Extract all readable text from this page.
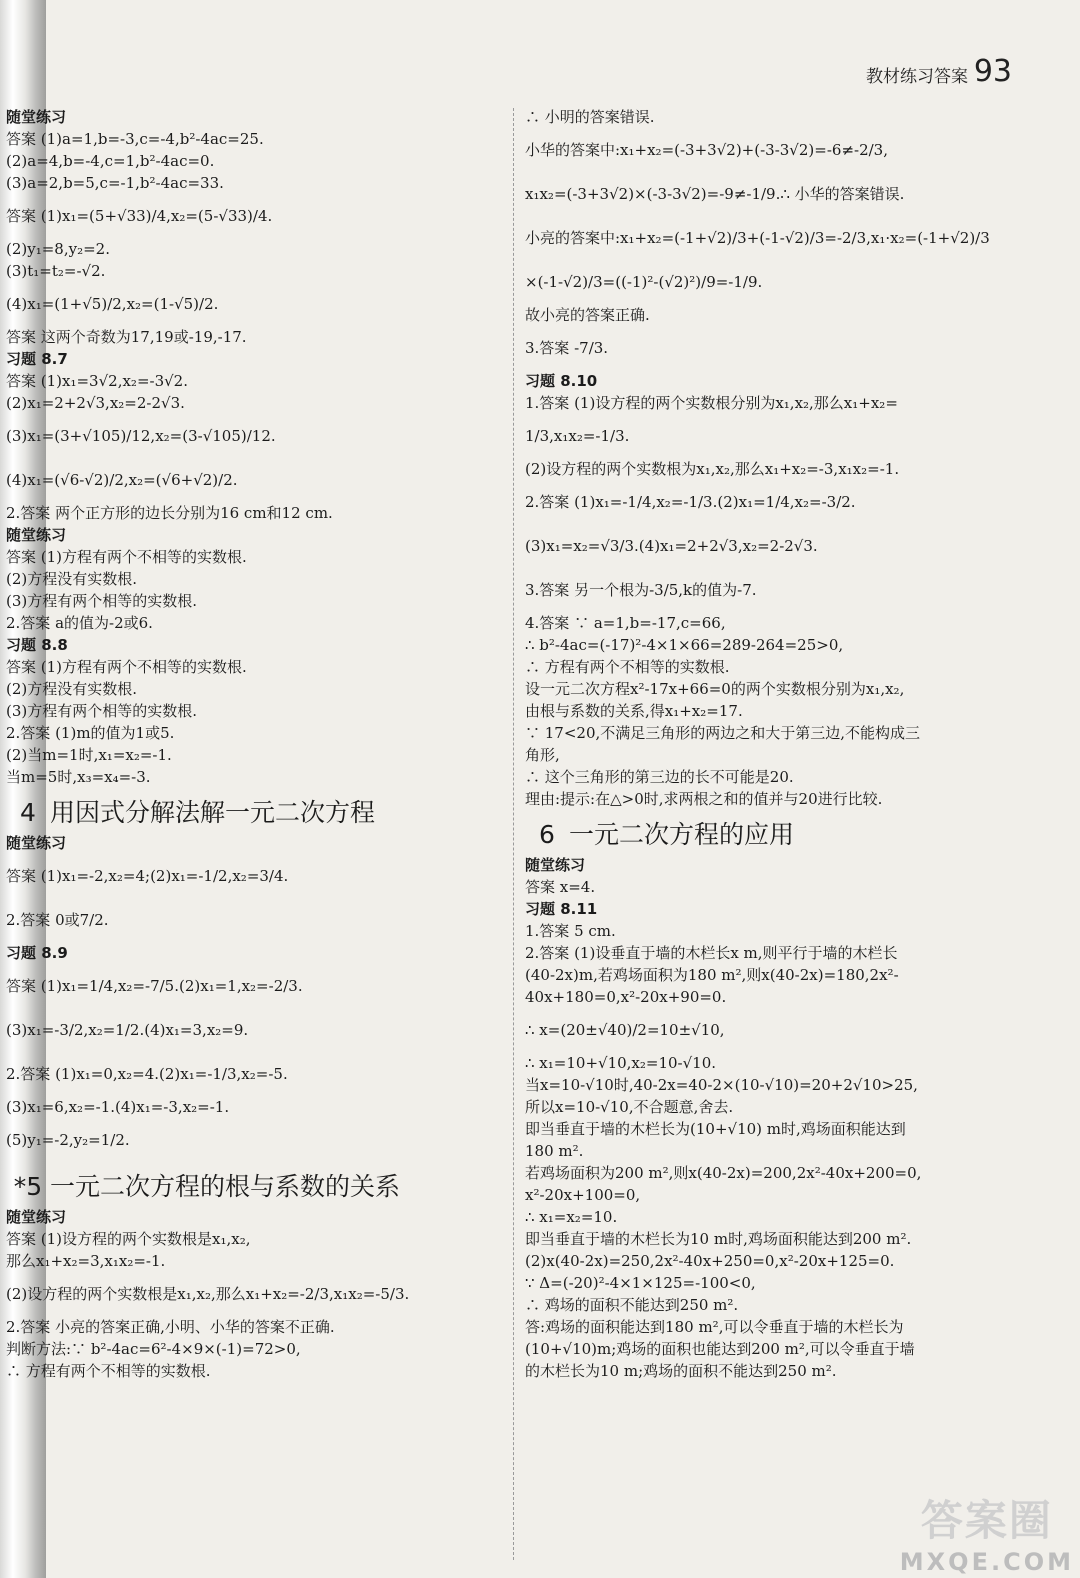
教材练习答案 93
随堂练习
答案 (1)a=1,b=-3,c=-4,b²-4ac=25.
(2)a=4,b=-4,c=1,b²-4ac=0.
(3)a=2,b=5,c=-1,b²-4ac=33.
答案 (1)x₁=(5+√33)/4,x₂=(5-√33)/4.
(2)y₁=8,y₂=2.
(3)t₁=t₂=-√2.
(4)x₁=(1+√5)/2,x₂=(1-√5)/2.
答案 这两个奇数为17,19或-19,-17.
习题 8.7
答案 (1)x₁=3√2,x₂=-3√2.
(2)x₁=2+2√3,x₂=2-2√3.
(3)x₁=(3+√105)/12,x₂=(3-√105)/12.
(4)x₁=(√6-√2)/2,x₂=(√6+√2)/2.
2.答案 两个正方形的边长分别为16 cm和12 cm.
随堂练习
答案 (1)方程有两个不相等的实数根.
(2)方程没有实数根.
(3)方程有两个相等的实数根.
2.答案 a的值为-2或6.
习题 8.8
答案 (1)方程有两个不相等的实数根.
(2)方程没有实数根.
(3)方程有两个相等的实数根.
2.答案 (1)m的值为1或5.
(2)当m=1时,x₁=x₂=-1.
当m=5时,x₃=x₄=-3.
4 用因式分解法解一元二次方程
随堂练习
答案 (1)x₁=-2,x₂=4;(2)x₁=-1/2,x₂=3/4.
2.答案 0或7/2.
习题 8.9
答案 (1)x₁=1/4,x₂=-7/5.(2)x₁=1,x₂=-2/3.
(3)x₁=-3/2,x₂=1/2.(4)x₁=3,x₂=9.
2.答案 (1)x₁=0,x₂=4.(2)x₁=-1/3,x₂=-5.
(3)x₁=6,x₂=-1.(4)x₁=-3,x₂=-1.
(5)y₁=-2,y₂=1/2.
*5 一元二次方程的根与系数的关系
随堂练习
答案 (1)设方程的两个实数根是x₁,x₂,
那么x₁+x₂=3,x₁x₂=-1.
(2)设方程的两个实数根是x₁,x₂,那么x₁+x₂=-2/3,x₁x₂=-5/3.
2.答案 小亮的答案正确,小明、小华的答案不正确.
判断方法:∵ b²-4ac=6²-4×9×(-1)=72>0,
∴ 方程有两个不相等的实数根.
∴ 小明的答案错误.
小华的答案中:x₁+x₂=(-3+3√2)+(-3-3√2)=-6≠-2/3,
x₁x₂=(-3+3√2)×(-3-3√2)=-9≠-1/9.∴ 小华的答案错误.
小亮的答案中:x₁+x₂=(-1+√2)/3+(-1-√2)/3=-2/3,x₁·x₂=(-1+√2)/3
×(-1-√2)/3=((-1)²-(√2)²)/9=-1/9.
故小亮的答案正确.
3.答案 -7/3.
习题 8.10
1.答案 (1)设方程的两个实数根分别为x₁,x₂,那么x₁+x₂=
1/3,x₁x₂=-1/3.
(2)设方程的两个实数根为x₁,x₂,那么x₁+x₂=-3,x₁x₂=-1.
2.答案 (1)x₁=-1/4,x₂=-1/3.(2)x₁=1/4,x₂=-3/2.
(3)x₁=x₂=√3/3.(4)x₁=2+2√3,x₂=2-2√3.
3.答案 另一个根为-3/5,k的值为-7.
4.答案 ∵ a=1,b=-17,c=66,
∴ b²-4ac=(-17)²-4×1×66=289-264=25>0,
∴ 方程有两个不相等的实数根.
设一元二次方程x²-17x+66=0的两个实数根分别为x₁,x₂,
由根与系数的关系,得x₁+x₂=17.
∵ 17<20,不满足三角形的两边之和大于第三边,不能构成三
角形,
∴ 这个三角形的第三边的长不可能是20.
理由:提示:在△>0时,求两根之和的值并与20进行比较.
6 一元二次方程的应用
随堂练习
答案 x=4.
习题 8.11
1.答案 5 cm.
2.答案 (1)设垂直于墙的木栏长x m,则平行于墙的木栏长
(40-2x)m,若鸡场面积为180 m²,则x(40-2x)=180,2x²-
40x+180=0,x²-20x+90=0.
∴ x=(20±√40)/2=10±√10,
∴ x₁=10+√10,x₂=10-√10.
当x=10-√10时,40-2x=40-2×(10-√10)=20+2√10>25,
所以x=10-√10,不合题意,舍去.
即当垂直于墙的木栏长为(10+√10) m时,鸡场面积能达到
180 m².
若鸡场面积为200 m²,则x(40-2x)=200,2x²-40x+200=0,
x²-20x+100=0,
∴ x₁=x₂=10.
即当垂直于墙的木栏长为10 m时,鸡场面积能达到200 m².
(2)x(40-2x)=250,2x²-40x+250=0,x²-20x+125=0.
∵ Δ=(-20)²-4×1×125=-100<0,
∴ 鸡场的面积不能达到250 m².
答:鸡场的面积能达到180 m²,可以令垂直于墙的木栏长为
(10+√10)m;鸡场的面积也能达到200 m²,可以令垂直于墙
的木栏长为10 m;鸡场的面积不能达到250 m².
答案圈
MXQE.COM
